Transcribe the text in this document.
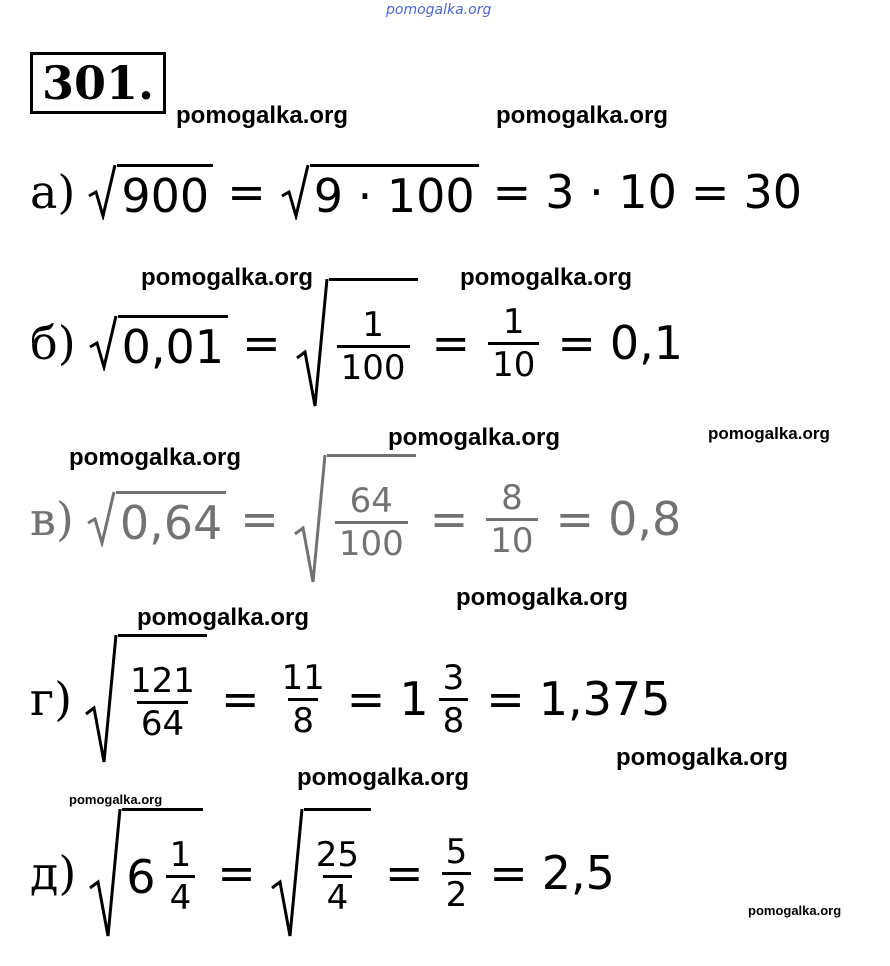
pomogalka.org
301.
pomogalka.org	pomogalka.org
pomogalka.org	pomogalka.org
pomogalka.org	pomogalka.org
pomogalka.org
pomogalka.org
pomogalka.org
pomogalka.org
pomogalka.org
pomogalka.org
pomogalka.org
а) 900 = 9 · 100 = 3 · 10 = 30
б) $0,01 = \frac{1}{100} = \frac{1}{10} = 0,1$
в) $0,64 = \frac{64}{100} = \frac{8}{10} = 0,8$
$г) \frac{121}{64} = \frac{11}{8} = 1 \frac{3}{8} = 1,375$
д) $6 \frac{1}{4} = \frac{25}{4} = \frac{5}{2} = 2,5$
